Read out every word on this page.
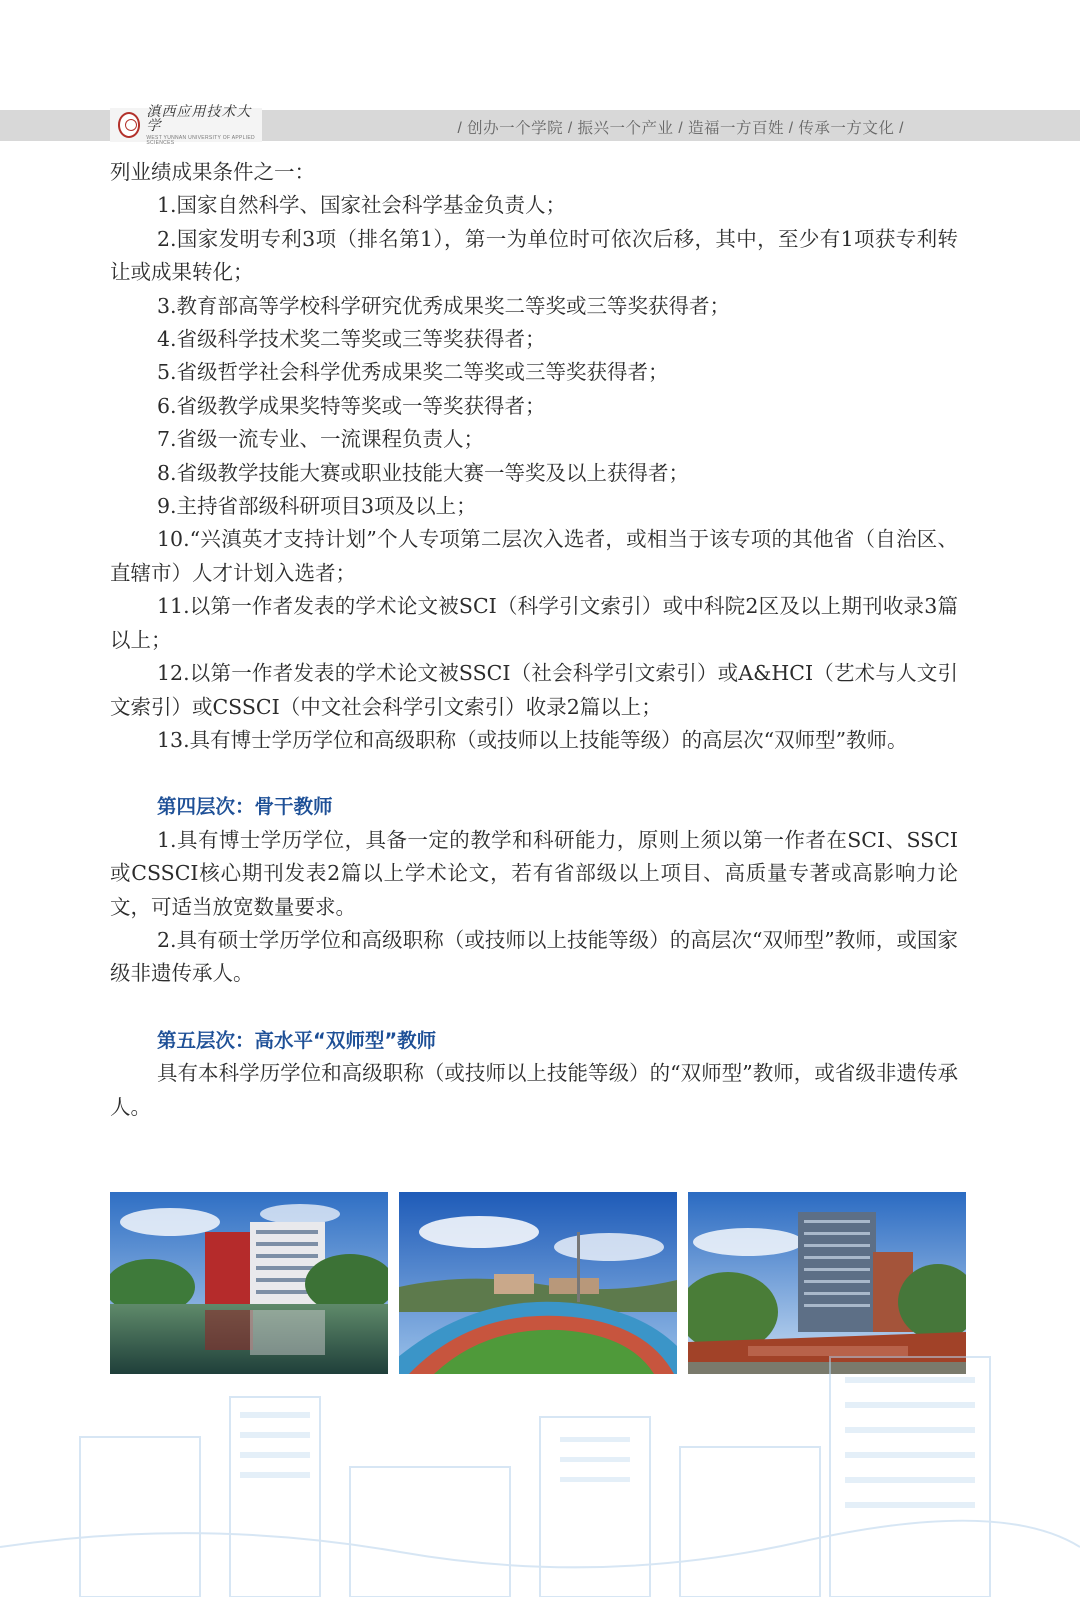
滇西应用技术大学
WEST YUNNAN UNIVERSITY OF APPLIED SCIENCES
/ 创办一个学院 / 振兴一个产业 / 造福一方百姓 / 传承一方文化 /

列业绩成果条件之一：

1.国家自然科学、国家社会科学基金负责人；

2.国家发明专利3项（排名第1），第一为单位时可依次后移，其中，至少有1项获专利转让或成果转化；

3.教育部高等学校科学研究优秀成果奖二等奖或三等奖获得者；

4.省级科学技术奖二等奖或三等奖获得者；

5.省级哲学社会科学优秀成果奖二等奖或三等奖获得者；

6.省级教学成果奖特等奖或一等奖获得者；

7.省级一流专业、一流课程负责人；

8.省级教学技能大赛或职业技能大赛一等奖及以上获得者；

9.主持省部级科研项目3项及以上；

10.“兴滇英才支持计划”个人专项第二层次入选者，或相当于该专项的其他省（自治区、直辖市）人才计划入选者；

11.以第一作者发表的学术论文被SCI（科学引文索引）或中科院2区及以上期刊收录3篇以上；

12.以第一作者发表的学术论文被SSCI（社会科学引文索引）或A&HCI（艺术与人文引文索引）或CSSCI（中文社会科学引文索引）收录2篇以上；

13.具有博士学历学位和高级职称（或技师以上技能等级）的高层次“双师型”教师。

第四层次：骨干教师

1.具有博士学历学位，具备一定的教学和科研能力，原则上须以第一作者在SCI、SSCI或CSSCI核心期刊发表2篇以上学术论文，若有省部级以上项目、高质量专著或高影响力论文，可适当放宽数量要求。

2.具有硕士学历学位和高级职称（或技师以上技能等级）的高层次“双师型”教师，或国家级非遗传承人。

第五层次：高水平“双师型”教师

具有本科学历学位和高级职称（或技师以上技能等级）的“双师型”教师，或省级非遗传承人。
